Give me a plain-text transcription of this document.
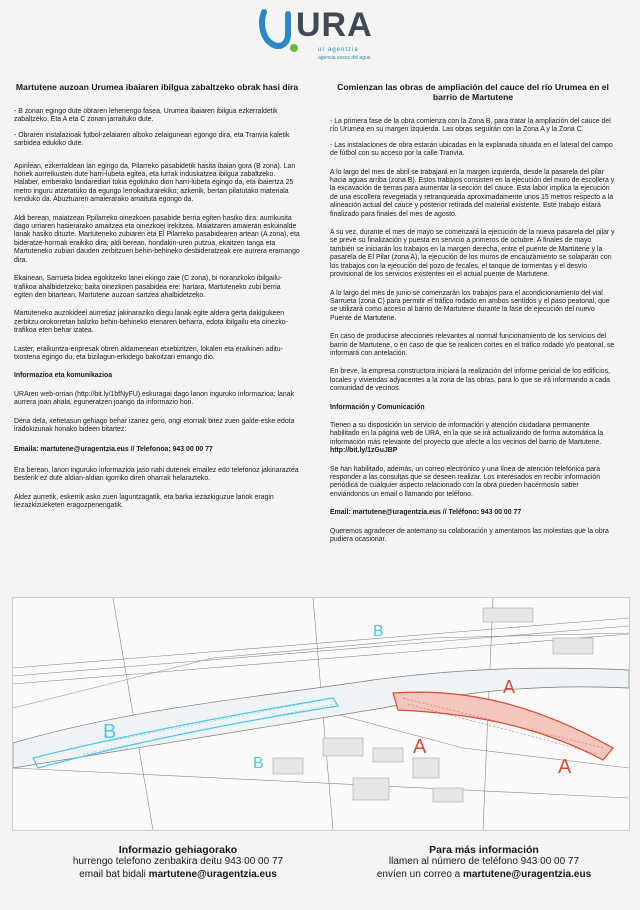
URA
ur agentzia
agencia vasca del agua
Martutene auzoan Urumea ibaiaren ibilgua zabaltzeko obrak hasi dira

- B zonan egingo dute obraren lehenengo fasea, Urumea ibaiaren ibilgua ezkerraldetik zabaltzeko. Eta A eta C zonan jarraituko dute.

- Obraren instalazioak futbol-zelaiaren alboko zelaigunean egongo dira, eta Tranvia kaletik sarbidea edukiko dute.

Apirilean, ezkerraldean lan egingo da, Pilarreko pasabidetik hasita ibaian gora (B zona). Lan horiek aurreikusten dute harri-lubeta egitea, eta lurrak induskatzea ibilgua zabaltzeko. Halaber, erriberako landarediari tokia egokituko dion harri-lubeta egingo da, eta ibaiertza 25 metro inguru atzeratuko da egungo lerrokadurarekiko; azkenik, bertan pilatutako materiala kenduko da. Abuztuaren amaierarako amaituta egongo da.

Aldi berean, maiatzean Ppilarreko oinezkoen pasabide berria egiten hasiko dira: aurrikusita dago urriaren hasierarako amaitzea eta oinezkoei irekitzea. Maiatzaren amaieran eskuinalde lanak hasiko dituzte. Martuteneko zubiaren eta El Pilarreko pasabidearen artean (A zona), eta bideratze-hormak eraikiko dira; aldi berean, hondakin-uren putzua, ekaitzen tanga eta Martuteneko zubian dauden zerbitzuen behin-behineko desbideratzeak ere aurrera eramango dira.

Ekainean, Sarrueta bidea egokitzeko lanei ekingo zaie (C zona), bi noranzkoko ibilgailu-trafikoa ahalbidetzeko; baita oinezkoen pasabidea ere: hartara, Martuteneko zubi berria egiten den bitartean, Martutene auzoan sartzea ahalbidetzeko.

Martuteneko auzokideei aurretiaz jakinaraziko diegu lanak egite aldera gerta dakigukeen zerbitzu orokorretan balizko behin-behineko etenaren beharra, edota ibilgailu eta oinezko-trafikoa eten behar izatea.

Laster, eraikuntza-enpresak obren aldamenean etxebizitzen, lokalen eta eraikinen aditu- txostena egingo du, eta bizilagun-erkidego bakoitzari emango dio.

Informazioa eta komunikazioa

URAren web-orrian (http://bit.ly/1bfNyFU) eskuragai dago lanon inguruko informazioa; lanak aurrera joan ahala, eguneratzen joango da informazio hori.

Dena dela, xehetasun gehiago behar izanez gero, ongi etorriak bitez zuen galde-eske edota iradokizunak honako bideen bitartez:

Emaila: martutene@uragentzia.eus // Telefonoa: 943 00 00 77

Era berean, lanon inguruko informazioa jaso nahi dutenek emailez edo telefonoz jakinaraztea besterik ez dute aldian-aldian igorriko diren oharrak helarazteko.

Aldez aurretik, eskerrik asko zuen laguntzagatik, eta barka iezazkiguzue lanok eragin liezazkizueketen eragozpenengatik.

Comienzan las obras de ampliación del cauce del río Urumea en el barrio de Martutene

- La primera fase de la obra comienza con la Zona B, para tratar la ampliación del cauce del río Urumea en su margen izquierda. Las obras seguirán con la Zona A y la Zona C.

- Las instalaciones de obra estarán ubicadas en la explanada situada en el lateral del campo de fútbol con su acceso por la calle Tranvía.

A lo largo del mes de abril se trabajará en la margen izquierda, desde la pasarela del pilar hacia aguas arriba (zona B). Estos trabajos consisten en la ejecución del muro de escollera y la excavación de tierras para aumentar la sección del cauce. Esta labor implica la ejecución de una escollera revegetada y retranqueada aproximadamente unos 15 metros respecto a la alineación actual del cauce y posterior retirada del material existente. Este trabajo estará finalizado para finales del mes de agosto.

A su vez, durante el mes de mayo se comenzará la ejecución de la nueva pasarela del pilar y se prevé su finalización y puesta en servicio a primeros de octubre. A finales de mayo también se iniciarán los trabajos en la margen derecha, entre el puente de Martutene y la pasarela de El Pilar (zona A), la ejecución de los muros de encauzamiento se solaparán con los trabajos con la ejecución del pozo de fecales, el tanque de tormentas y el desvío provisional de los servicios existentes en el actual puente de Martutene.

A lo largo del mes de junio se comenzarán los trabajos para el acondicionamiento del vial Sarrueta (zona C) para permitir el tráfico rodado en ambos sentidos y el paso peatonal, que se utilizará como acceso al barrio de Martutene durante la fase de ejecución del nuevo Puente de Martutene.

En caso de producirse afecciones relevantes al normal funcionamiento de los servicios del barrio de Martutene, o en caso de que se realicen cortes en el tráfico rodado y/o peatonal, se informará con antelación.

En breve, la empresa constructora iniciará la realización del informe pericial de los edificios, locales y viviendas adyacentes a la zona de las obras, para lo que se irá informando a cada comunidad de vecinos.

Información y Comunicación

Tienen a su disposición un servicio de información y atención ciudadana permanente habilitado en la página web de URA, en la que se irá actualizando de forma automática la información más relevante del proyecto que afecte a los vecinos del barrio de Martutene.

http://bit.ly/1zGuJBP

Se han habilitado, además, un correo electrónico y una línea de atención telefónica para responder a las consultas que se deseen realizar. Los interesados en recibir información periódica de cualquier aspecto relacionado con la obra pueden hacérmoslo saber enviándonos un email o llamando por teléfono.

Email: martutene@uragentzia.eus // Teléfono: 943 00 00 77

Queremos agradecer de antemano su colaboración y amentamos las molestias que la obra pudiera ocasionar.

B
B
B
A
A
A
Informazio gehiagorako
hurrengo telefono zenbakira deitu 943 00 00 77
email bat bidali martutene@uragentzia.eus
Para más información
llamen al número de teléfono 943 00 00 77
envíen un correo a martutene@uragentzia.eus
